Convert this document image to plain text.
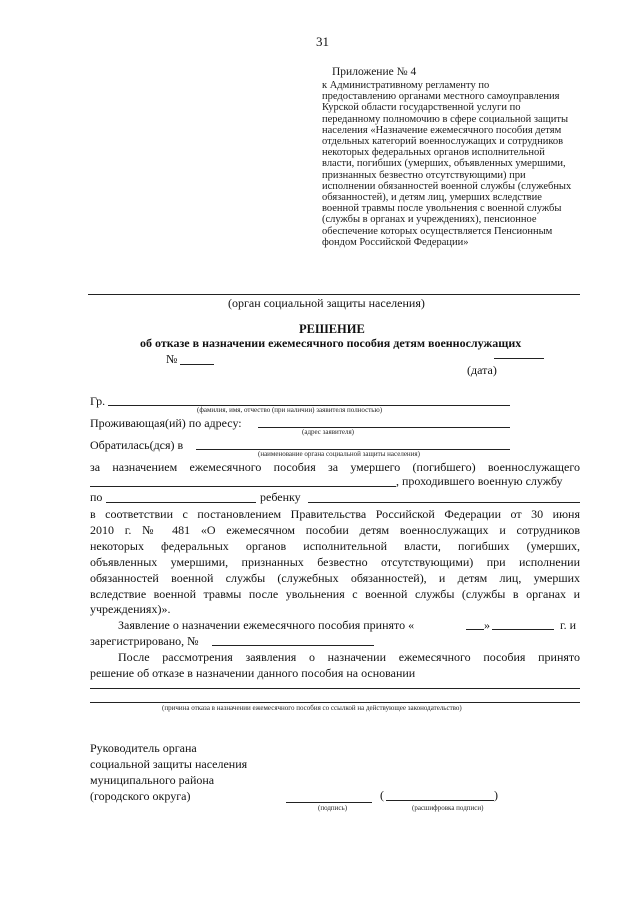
31
Приложение № 4
к Административному регламенту по
предоставлению органами местного самоуправления
Курской области государственной услуги по
переданному полномочию в сфере социальной защиты
населения «Назначение ежемесячного пособия детям
отдельных категорий военнослужащих и сотрудников
некоторых федеральных органов исполнительной
власти, погибших (умерших, объявленных умершими,
признанных безвестно отсутствующими) при
исполнении обязанностей военной службы (служебных
обязанностей), и детям лиц, умерших вследствие
военной травмы после увольнения с военной службы
(службы в органах и учреждениях), пенсионное
обеспечение которых осуществляется Пенсионным
фондом Российской Федерации»
(орган социальной защиты населения)
РЕШЕНИЕ
об отказе в назначении ежемесячного пособия детям военнослужащих
№
(дата)
Гр.
(фамилия, имя, отчество (при наличии) заявителя полностью)
Проживающая(ий) по адресу:
(адрес заявителя)
Обратилась(дся) в
(наименование органа социальной защиты населения)
за назначением ежемесячного пособия за умершего (погибшего) военнослужащего
, проходившего военную службу
по	ребенку
в соответствии с постановлением Правительства Российской Федерации от 30 июня
2010 г. № 481 «О ежемесячном пособии детям военнослужащих и сотрудников
некоторых федеральных органов исполнительной власти, погибших (умерших,
объявленных умершими, признанных безвестно отсутствующими) при исполнении
обязанностей военной службы (служебных обязанностей), и детям лиц, умерших
вследствие военной травмы после увольнения с военной службы (службы в органах и
учреждениях)».
Заявление о назначении ежемесячного пособия принято «	»	г. и
зарегистрировано, №
После рассмотрения заявления о назначении ежемесячного пособия принято
решение об отказе в назначении данного пособия на основании
(причина отказа в назначении ежемесячного пособия со ссылкой на действующее законодательство)
Руководитель органа
социальной защиты населения
муниципального района
(городского округа)
(подпись)
(	)
(расшифровка подписи)
